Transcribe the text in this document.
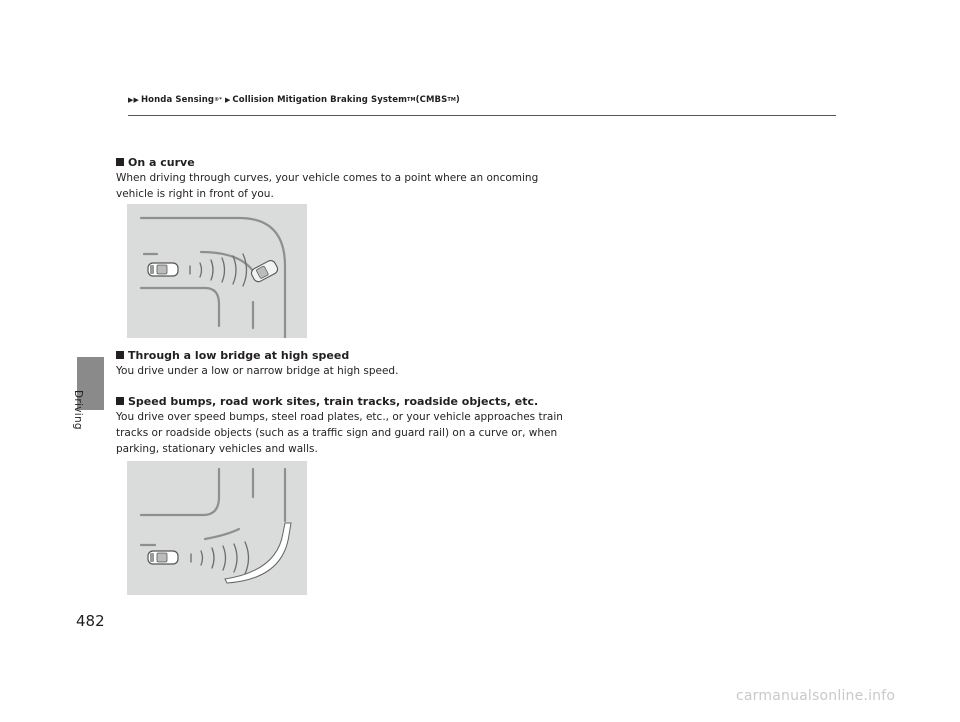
▶▶ Honda Sensing ®* ▶ Collision Mitigation Braking System TM (CMBS TM )
Driving
On a curve
When driving through curves, your vehicle comes to a point where an oncoming vehicle is right in front of you.
Through a low bridge at high speed
You drive under a low or narrow bridge at high speed.
Speed bumps, road work sites, train tracks, roadside objects, etc.
You drive over speed bumps, steel road plates, etc., or your vehicle approaches train tracks or roadside objects (such as a traffic sign and guard rail) on a curve or, when parking, stationary vehicles and walls.
482
carmanualsonline.info
